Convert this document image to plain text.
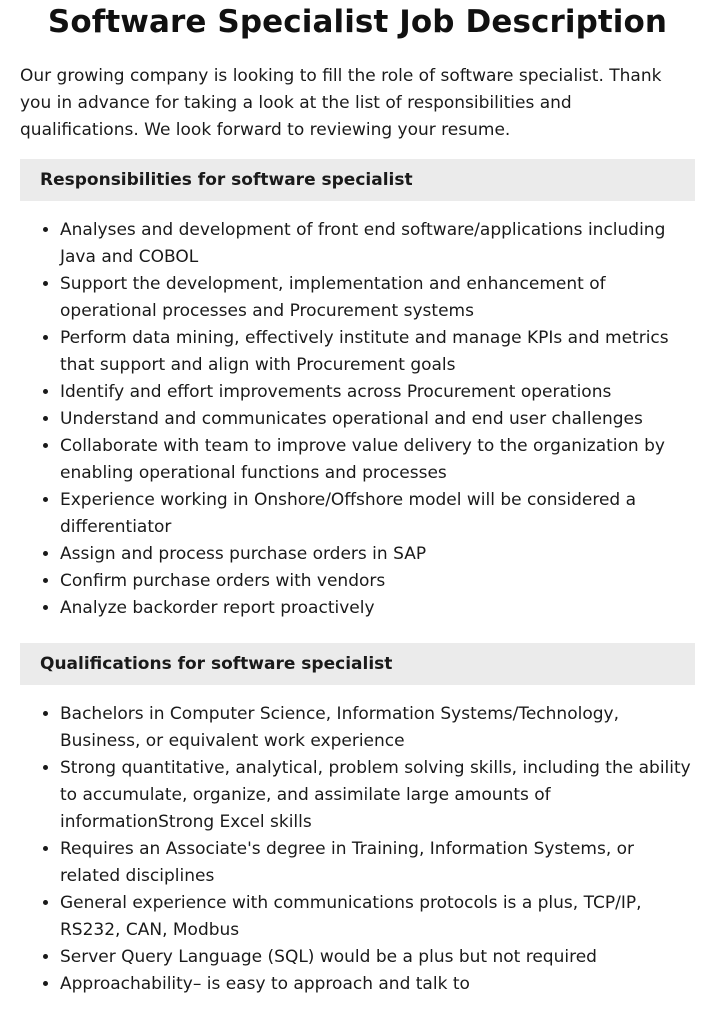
Software Specialist Job Description

Our growing company is looking to fill the role of software specialist. Thank you in advance for taking a look at the list of responsibilities and qualifications. We look forward to reviewing your resume.

Responsibilities for software specialist
• Analyses and development of front end software/applications including Java and COBOL
• Support the development, implementation and enhancement of operational processes and Procurement systems
• Perform data mining, effectively institute and manage KPIs and metrics that support and align with Procurement goals
• Identify and effort improvements across Procurement operations
• Understand and communicates operational and end user challenges
• Collaborate with team to improve value delivery to the organization by enabling operational functions and processes
• Experience working in Onshore/Offshore model will be considered a differentiator
• Assign and process purchase orders in SAP
• Confirm purchase orders with vendors
• Analyze backorder report proactively
Qualifications for software specialist
• Bachelors in Computer Science, Information Systems/Technology, Business, or equivalent work experience
• Strong quantitative, analytical, problem solving skills, including the ability to accumulate, organize, and assimilate large amounts of informationStrong Excel skills
• Requires an Associate's degree in Training, Information Systems, or related disciplines
• General experience with communications protocols is a plus, TCP/IP, RS232, CAN, Modbus
• Server Query Language (SQL) would be a plus but not required
• Approachability– is easy to approach and talk to
